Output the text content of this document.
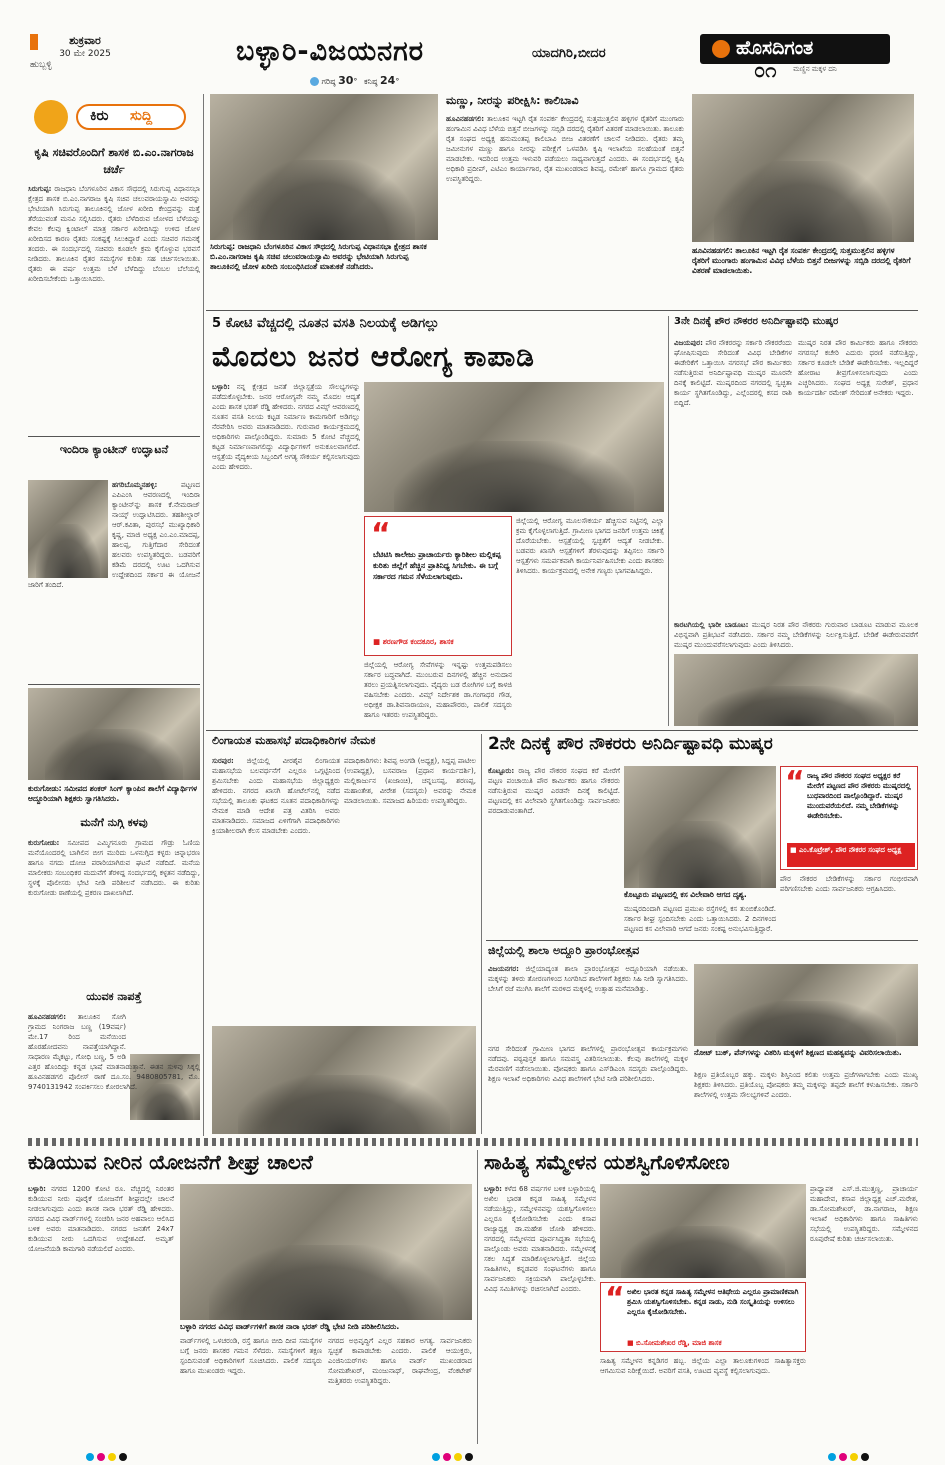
ಶುಕ್ರವಾರ
30 ಮೇ 2025
ಹುಬ್ಬಳ್ಳಿ	ಬಳ್ಳಾರಿ-ವಿಜಯನಗರ	ಯಾದಗಿರಿ,ಬೀದರ
ಗರಿಷ್ಠ 30° ಕನಿಷ್ಠ 24°
ಹೊಸದಿಗಂತ
ಮಣ್ಣಿನ ಮಕ್ಕಳ ದನಿ
೦೧
ಕಿರು ಸುದ್ದಿ
ಕೃಷಿ ಸಚಿವರೊಂದಿಗೆ ಶಾಸಕ ಬಿ.ಎಂ.ನಾಗರಾಜ ಚರ್ಚೆ
ಸಿರುಗುಪ್ಪ: ರಾಜಧಾನಿ ಬೆಂಗಳೂರಿನ ವಿಕಾಸ ಸೌಧದಲ್ಲಿ ಸಿರುಗುಪ್ಪ ವಿಧಾನಸಭಾ ಕ್ಷೇತ್ರದ ಶಾಸಕ ಬಿ.ಎಂ.ನಾಗರಾಜ ಕೃಷಿ ಸಚಿವ ಚಲುವರಾಯಸ್ವಾಮಿ ಅವರನ್ನು ಭೇಟಿಯಾಗಿ ಸಿರುಗುಪ್ಪ ತಾಲೂಕಿನಲ್ಲಿ ಜೋಳ ಖರೀದಿ ಕೇಂದ್ರವನ್ನು ಮತ್ತೆ ತೆರೆಯುವಂತೆ ಮನವಿ ಸಲ್ಲಿಸಿದರು. ರೈತರು ಬೆಳೆದಿರುವ ಜೋಳದ ಬೆಳೆಯನ್ನು ಕೇವಲ ಕೆಲವು ಕ್ವಿಂಟಾಲ್ ಮಾತ್ರ ಸರ್ಕಾರ ಖರೀದಿಸಿದ್ದು ಉಳಿದ ಜೋಳ ಖರೀದಿಸದ ಕಾರಣ ರೈತರು ಸಂಕಷ್ಟಕ್ಕೆ ಸಿಲುಕಿದ್ದಾರೆ ಎಂದು ಸಚಿವರ ಗಮನಕ್ಕೆ ತಂದರು. ಈ ಸಂದರ್ಭದಲ್ಲಿ ಸಚಿವರು ಕೂಡಲೇ ಕ್ರಮ ಕೈಗೊಳ್ಳುವ ಭರವಸೆ ನೀಡಿದರು. ತಾಲೂಕಿನ ರೈತರ ಸಮಸ್ಯೆಗಳ ಕುರಿತು ಸಹ ಚರ್ಚಿಸಲಾಯಿತು. ರೈತರು ಈ ವರ್ಷ ಉತ್ತಮ ಬೆಳೆ ಬೆಳೆದಿದ್ದು ಬೆಂಬಲ ಬೆಲೆಯಲ್ಲಿ ಖರೀದಿಸಬೇಕೆಂದು ಒತ್ತಾಯಿಸಿದರು.
ಇಂದಿರಾ ಕ್ಯಾಂಟೀನ್ ಉದ್ಘಾಟನೆ
ಹಗರಿಬೊಮ್ಮನಹಳ್ಳಿ:	ಪಟ್ಟಣದ ಎಪಿಎಂಸಿ ಆವರಣದಲ್ಲಿ ಇಂದಿರಾ ಕ್ಯಾಂಟೀನ್‌ನ್ನು ಶಾಸಕ ಕೆ.ನೇಮರಾಜ್ ನಾಯ್ಕ್ ಉದ್ಘಾಟಿಸಿದರು. ತಹಶೀಲ್ದಾರ್ ಆರ್.ಕವಿತಾ, ಪುರಸಭೆ ಮುಖ್ಯಾಧಿಕಾರಿ ಕೃಷ್ಣ, ಮಾಜಿ ಅಧ್ಯಕ್ಷ ಎಂ.ಎಂ.ಮಾದಪ್ಪ, ಹಾಲಪ್ಪ, ಗುತ್ತಿಗೆದಾರ ಸೇರಿದಂತೆ ಹಲವರು ಉಪಸ್ಥಿತರಿದ್ದರು. ಬಡವರಿಗೆ ಕಡಿಮೆ ದರದಲ್ಲಿ ಊಟ ಒದಗಿಸುವ ಉದ್ದೇಶದಿಂದ ಸರ್ಕಾರ ಈ ಯೋಜನೆ ಜಾರಿಗೆ ತಂದಿದೆ.
ಕುರುಗೋಡು: ಸಮೀಪದ ಶಂಕರ್ ಸಿಂಗ್ ಕ್ಯಾಂಪಿನ ಶಾಲೆಗೆ ವಿದ್ಯಾರ್ಥಿಗಳ ಆದ್ದೂರಿಯಾಗಿ ಶಿಕ್ಷಕರು ಸ್ವಾಗತಿಸಿದರು.
ಮನೆಗೆ ನುಗ್ಗಿ ಕಳವು
ಕುರುಗೋಡು: ಸಮೀಪದ ಎಮ್ಮಿಗನೂರು ಗ್ರಾಮದ ಗೌಡ್ರು ಓಣಿಯ ಮನೆಯೊಂದರಲ್ಲಿ ಬಾಗಿಲಿನ ಬೀಗ ಮುರಿದು ಒಳನುಗ್ಗಿದ ಕಳ್ಳರು ಚಿನ್ನಾಭರಣ ಹಾಗೂ ನಗದು ದೋಚಿ ಪರಾರಿಯಾಗಿರುವ ಘಟನೆ ನಡೆದಿದೆ. ಮನೆಯ ಮಾಲೀಕರು ಸಂಬಂಧಿಕರ ಮದುವೆಗೆ ತೆರಳಿದ್ದ ಸಂದರ್ಭದಲ್ಲಿ ಕಳ್ಳತನ ನಡೆದಿದ್ದು, ಸ್ಥಳಕ್ಕೆ ಪೊಲೀಸರು ಭೇಟಿ ನೀಡಿ ಪರಿಶೀಲನೆ ನಡೆಸಿದರು. ಈ ಕುರಿತು ಕುರುಗೋಡು ಠಾಣೆಯಲ್ಲಿ ಪ್ರಕರಣ ದಾಖಲಾಗಿದೆ.
ಯುವಕ ನಾಪತ್ತೆ
ಹೂವಿನಹಡಗಲಿ: ತಾಲೂಕಿನ ಸೋಗಿ ಗ್ರಾಮದ ನಿಂಗರಾಜ ಬಣ್ಣ (19ವರ್ಷ) ಮೇ.17 ರಿಂದ ಮನೆಯಿಂದ ಹೊರಹೋದವನು ನಾಪತ್ತೆಯಾಗಿದ್ದಾನೆ. ಸಾಧಾರಣ ಮೈಕಟ್ಟು, ಗೋಧಿ ಬಣ್ಣ, 5 ಅಡಿ ಎತ್ತರ ಹೊಂದಿದ್ದು ಕನ್ನಡ ಭಾಷೆ ಮಾತನಾಡುತ್ತಾನೆ. ಈತನ ಸುಳಿವು ಸಿಕ್ಕಲ್ಲಿ ಹೂವಿನಹಡಗಲಿ ಪೊಲೀಸ್ ಠಾಣೆ ದೂ.ಸಂ. 9480805781, ಮೊ. 9740131942 ಸಂಪರ್ಕಿಸಲು ಕೋರಲಾಗಿದೆ.
ಸಿರುಗುಪ್ಪ: ರಾಜಧಾನಿ ಬೆಂಗಳೂರಿನ ವಿಕಾಸ ಸೌಧದಲ್ಲಿ ಸಿರುಗುಪ್ಪ ವಿಧಾನಸಭಾ ಕ್ಷೇತ್ರದ ಶಾಸಕ ಬಿ.ಎಂ.ನಾಗರಾಜ ಕೃಷಿ ಸಚಿವ ಚಲುವರಾಯಸ್ವಾಮಿ ಅವರನ್ನು ಭೇಟಿಯಾಗಿ ಸಿರುಗುಪ್ಪ ತಾಲೂಕಿನಲ್ಲಿ ಜೋಳ ಖರೀದಿ ಸಂಬಂಧಿಸಿದಂತೆ ಮಾತುಕತೆ ನಡೆಸಿದರು.
ಮಣ್ಣು, ನೀರನ್ನು ಪರೀಕ್ಷಿಸಿ: ಕಾಲಿಬಾವಿ
ಹೂವಿನಹಡಗಲಿ: ತಾಲೂಕಿನ ಇಟ್ಟಗಿ ರೈತ ಸಂಪರ್ಕ ಕೇಂದ್ರದಲ್ಲಿ ಸುತ್ತಮುತ್ತಲಿನ ಹಳ್ಳಿಗಳ ರೈತರಿಗೆ ಮುಂಗಾರು ಹಂಗಾಮಿನ ವಿವಿಧ ಬೆಳೆಯ ಬಿತ್ತನೆ ಬೀಜಗಳನ್ನು ಸಬ್ಸಿಡಿ ದರದಲ್ಲಿ ರೈತರಿಗೆ ವಿತರಣೆ ಮಾಡಲಾಯಿತು. ತಾಲೂಕು ರೈತ ಸಂಘದ ಅಧ್ಯಕ್ಷ ಹನುಮಂತಪ್ಪ ಕಾಲಿಬಾವಿ ಬೀಜ ವಿತರಣೆಗೆ ಚಾಲನೆ ನೀಡಿದರು. ರೈತರು ತಮ್ಮ ಜಮೀನುಗಳ ಮಣ್ಣು ಹಾಗೂ ನೀರನ್ನು ಪರೀಕ್ಷೆಗೆ ಒಳಪಡಿಸಿ ಕೃಷಿ ಇಲಾಖೆಯ ಸಲಹೆಯಂತೆ ಬಿತ್ತನೆ ಮಾಡಬೇಕು. ಇದರಿಂದ ಉತ್ತಮ ಇಳುವರಿ ಪಡೆಯಲು ಸಾಧ್ಯವಾಗುತ್ತದೆ ಎಂದರು. ಈ ಸಂದರ್ಭದಲ್ಲಿ ಕೃಷಿ ಅಧಿಕಾರಿ ಪ್ರದೀಪ್, ಎಟಿಎಂ ಕಾರ್ಯಾಗಾರ, ರೈತ ಮುಖಂಡರಾದ ಶಿವಪ್ಪ, ರಮೇಶ್ ಹಾಗೂ ಗ್ರಾಮದ ರೈತರು ಉಪಸ್ಥಿತರಿದ್ದರು.
ಹೂವಿನಹಡಗಲಿ: ತಾಲೂಕಿನ ಇಟ್ಟಗಿ ರೈತ ಸಂಪರ್ಕ ಕೇಂದ್ರದಲ್ಲಿ ಸುತ್ತಮುತ್ತಲಿನ ಹಳ್ಳಿಗಳ ರೈತರಿಗೆ ಮುಂಗಾರು ಹಂಗಾಮಿನ ವಿವಿಧ ಬೆಳೆಯ ಬಿತ್ತನೆ ಬೀಜಗಳನ್ನು ಸಬ್ಸಿಡಿ ದರದಲ್ಲಿ ರೈತರಿಗೆ ವಿತರಣೆ ಮಾಡಲಾಯಿತು.
5 ಕೋಟಿ ವೆಚ್ಚದಲ್ಲಿ ನೂತನ ವಸತಿ ನಿಲಯಕ್ಕೆ ಅಡಿಗಲ್ಲು
ಮೊದಲು ಜನರ ಆರೋಗ್ಯ ಕಾಪಾಡಿ
ಬಳ್ಳಾರಿ: ನನ್ನ ಕ್ಷೇತ್ರದ ಜನತೆ ಜಿಲ್ಲಾಸ್ಪತ್ರೆಯ ಸೌಲಭ್ಯಗಳನ್ನು ಪಡೆದುಕೊಳ್ಳಬೇಕು. ಜನರ ಆರೋಗ್ಯವೇ ನಮ್ಮ ಮೊದಲ ಆದ್ಯತೆ ಎಂದು ಶಾಸಕ ಭರತ್ ರೆಡ್ಡಿ ಹೇಳಿದರು. ನಗರದ ವಿಮ್ಸ್ ಆವರಣದಲ್ಲಿ ನೂತನ ವಸತಿ ನಿಲಯ ಕಟ್ಟಡ ನಿರ್ಮಾಣ ಕಾಮಗಾರಿಗೆ ಅಡಿಗಲ್ಲು ನೆರವೇರಿಸಿ ಅವರು ಮಾತನಾಡಿದರು. ಗುರುವಾರ ಕಾರ್ಯಕ್ರಮದಲ್ಲಿ ಅಧಿಕಾರಿಗಳು ಪಾಲ್ಗೊಂಡಿದ್ದರು. ಸುಮಾರು 5 ಕೋಟಿ ವೆಚ್ಚದಲ್ಲಿ ಕಟ್ಟಡ ನಿರ್ಮಾಣವಾಗಲಿದ್ದು ವಿದ್ಯಾರ್ಥಿಗಳಿಗೆ ಅನುಕೂಲವಾಗಲಿದೆ. ಆಸ್ಪತ್ರೆಯ ವೈದ್ಯಕೀಯ ಸಿಬ್ಬಂದಿಗೆ ಅಗತ್ಯ ಸೌಕರ್ಯ ಕಲ್ಪಿಸಲಾಗುವುದು ಎಂದು ಹೇಳಿದರು.
“
ಬೆಟಿಟಿಸಿ ಕಾಲೇಜು ಪ್ರಾಚಾರ್ಯರು ಕ್ಯಾರಿಶೀಲ ಮಲ್ಲಿಕಪ್ಪ ಕುರಿತು ಜಿಲ್ಲೆಗೆ ಹೆಚ್ಚಿನ ಪ್ರಾತಿನಿಧ್ಯ ಸಿಗಬೇಕು. ಈ ಬಗ್ಗೆ ಸರ್ಕಾರದ ಗಮನ ಸೆಳೆಯಲಾಗುವುದು.
■ ಶರಣಗೌಡ ಕಂದಕೂರ, ಶಾಸಕ
ಜಿಲ್ಲೆಯಲ್ಲಿ ಆರೋಗ್ಯ ಸೇವೆಗಳನ್ನು ಇನ್ನಷ್ಟು ಉತ್ತಮಪಡಿಸಲು ಸರ್ಕಾರ ಬದ್ಧವಾಗಿದೆ. ಮುಂಬರುವ ದಿನಗಳಲ್ಲಿ ಹೆಚ್ಚಿನ ಅನುದಾನ ತರಲು ಪ್ರಯತ್ನಿಸಲಾಗುವುದು. ವೈದ್ಯರು ಬಡ ರೋಗಿಗಳ ಬಗ್ಗೆ ಕಾಳಜಿ ವಹಿಸಬೇಕು ಎಂದರು. ವಿಮ್ಸ್ ನಿರ್ದೇಶಕ ಡಾ.ಗಂಗಾಧರ ಗೌಡ, ಅಧೀಕ್ಷಕ ಡಾ.ಶಿವನಾರಾಯಣ, ಮಹಾಪೌರರು, ಪಾಲಿಕೆ ಸದಸ್ಯರು ಹಾಗೂ ಇತರರು ಉಪಸ್ಥಿತರಿದ್ದರು.
ಜಿಲ್ಲೆಯಲ್ಲಿ ಆರೋಗ್ಯ ಮೂಲಸೌಕರ್ಯ ಹೆಚ್ಚಿಸುವ ನಿಟ್ಟಿನಲ್ಲಿ ಎಲ್ಲಾ ಕ್ರಮ ಕೈಗೊಳ್ಳಲಾಗುತ್ತಿದೆ. ಗ್ರಾಮೀಣ ಭಾಗದ ಜನರಿಗೆ ಉತ್ತಮ ಚಿಕಿತ್ಸೆ ದೊರೆಯಬೇಕು. ಆಸ್ಪತ್ರೆಯಲ್ಲಿ ಸ್ವಚ್ಛತೆಗೆ ಆದ್ಯತೆ ನೀಡಬೇಕು. ಬಡವರು ಖಾಸಗಿ ಆಸ್ಪತ್ರೆಗಳಿಗೆ ತೆರಳುವುದನ್ನು ತಪ್ಪಿಸಲು ಸರ್ಕಾರಿ ಆಸ್ಪತ್ರೆಗಳು ಸಮರ್ಪಕವಾಗಿ ಕಾರ್ಯನಿರ್ವಹಿಸಬೇಕು ಎಂದು ಶಾಸಕರು ತಿಳಿಸಿದರು. ಕಾರ್ಯಕ್ರಮದಲ್ಲಿ ಅನೇಕ ಗಣ್ಯರು ಭಾಗವಹಿಸಿದ್ದರು.
3ನೇ ದಿನಕ್ಕೆ ಪೌರ ನೌಕರರ ಅನಿರ್ದಿಷ್ಟಾವಧಿ ಮುಷ್ಕರ
ವಿಜಯಪುರ: ಪೌರ ನೌಕರರನ್ನು ಸರ್ಕಾರಿ ನೌಕರರೆಂದು ಘೋಷಿಸುವುದು ಸೇರಿದಂತೆ ವಿವಿಧ ಬೇಡಿಕೆಗಳ ಈಡೇರಿಕೆಗೆ ಒತ್ತಾಯಿಸಿ ನಗರಸಭೆ ಪೌರ ಕಾರ್ಮಿಕರು ನಡೆಸುತ್ತಿರುವ ಅನಿರ್ದಿಷ್ಟಾವಧಿ ಮುಷ್ಕರ ಮೂರನೇ ದಿನಕ್ಕೆ ಕಾಲಿಟ್ಟಿದೆ. ಮುಷ್ಕರದಿಂದ ನಗರದಲ್ಲಿ ಸ್ವಚ್ಛತಾ ಕಾರ್ಯ ಸ್ಥಗಿತಗೊಂಡಿದ್ದು, ಎಲ್ಲೆಂದರಲ್ಲಿ ಕಸದ ರಾಶಿ ಬಿದ್ದಿದೆ.
ಮುಷ್ಕರ ನಿರತ ಪೌರ ಕಾರ್ಮಿಕರು ಹಾಗೂ ನೌಕರರು ನಗರಸಭೆ ಕಚೇರಿ ಎದುರು ಧರಣಿ ನಡೆಸುತ್ತಿದ್ದು, ಸರ್ಕಾರ ಕೂಡಲೇ ಬೇಡಿಕೆ ಈಡೇರಿಸಬೇಕು. ಇಲ್ಲದಿದ್ದರೆ ಹೋರಾಟ ತೀವ್ರಗೊಳಿಸಲಾಗುವುದು ಎಂದು ಎಚ್ಚರಿಸಿದರು. ಸಂಘದ ಅಧ್ಯಕ್ಷ ಸುರೇಶ್, ಪ್ರಧಾನ ಕಾರ್ಯದರ್ಶಿ ರಮೇಶ್ ಸೇರಿದಂತೆ ಅನೇಕರು ಇದ್ದರು.
ಕಾರಟಗಿಯಲ್ಲಿ ಭಾರೀ ಬಾಡೂಟ: ಮುಷ್ಕರ ನಿರತ ಪೌರ ನೌಕರರು ಗುರುವಾರ ಬಾಡೂಟ ಮಾಡುವ ಮೂಲಕ ವಿಭಿನ್ನವಾಗಿ ಪ್ರತಿಭಟನೆ ನಡೆಸಿದರು. ಸರ್ಕಾರ ನಮ್ಮ ಬೇಡಿಕೆಗಳನ್ನು ನಿರ್ಲಕ್ಷಿಸುತ್ತಿದೆ. ಬೇಡಿಕೆ ಈಡೇರುವವರೆಗೆ ಮುಷ್ಕರ ಮುಂದುವರೆಸಲಾಗುವುದು ಎಂದು ತಿಳಿಸಿದರು.
ಲಿಂಗಾಯತ ಮಹಾಸಭೆ ಪದಾಧಿಕಾರಿಗಳ ನೇಮಕ
ಸುರಪುರ: ಜಿಲ್ಲೆಯಲ್ಲಿ ವೀರಶೈವ ಲಿಂಗಾಯತ ಮಹಾಸಭೆಯ ಬಲವರ್ಧನೆಗೆ ಎಲ್ಲರೂ ಒಗ್ಗಟ್ಟಿನಿಂದ ಶ್ರಮಿಸಬೇಕು ಎಂದು ಮಹಾಸಭೆಯ ಜಿಲ್ಲಾಧ್ಯಕ್ಷರು ಹೇಳಿದರು. ನಗರದ ಖಾಸಗಿ ಹೋಟೆಲ್‌ನಲ್ಲಿ ನಡೆದ ಸಭೆಯಲ್ಲಿ ತಾಲೂಕು ಘಟಕದ ನೂತನ ಪದಾಧಿಕಾರಿಗಳನ್ನು ನೇಮಕ ಮಾಡಿ ಆದೇಶ ಪತ್ರ ವಿತರಿಸಿ ಅವರು ಮಾತನಾಡಿದರು. ಸಮಾಜದ ಏಳಿಗೆಗಾಗಿ ಪದಾಧಿಕಾರಿಗಳು ಕ್ರಿಯಾಶೀಲರಾಗಿ ಕೆಲಸ ಮಾಡಬೇಕು ಎಂದರು.
ಪದಾಧಿಕಾರಿಗಳು: ಶಿವಪ್ಪ ಅಂಗಡಿ (ಅಧ್ಯಕ್ಷ), ಸಿದ್ದಪ್ಪ ಪಾಟೀಲ (ಉಪಾಧ್ಯಕ್ಷ), ಬಸವರಾಜ (ಪ್ರಧಾನ ಕಾರ್ಯದರ್ಶಿ), ಮಲ್ಲಿಕಾರ್ಜುನ (ಖಜಾಂಚಿ), ಚನ್ನಬಸಪ್ಪ, ಶರಣಪ್ಪ, ಮಹಾಂತೇಶ, ವೀರೇಶ (ಸದಸ್ಯರು) ಅವರನ್ನು ನೇಮಕ ಮಾಡಲಾಯಿತು. ಸಮಾಜದ ಹಿರಿಯರು ಉಪಸ್ಥಿತರಿದ್ದರು.
2ನೇ ದಿನಕ್ಕೆ ಪೌರ ನೌಕರರು ಅನಿರ್ದಿಷ್ಟಾವಧಿ ಮುಷ್ಕರ
ಕೊಟ್ಟೂರು: ರಾಜ್ಯ ಪೌರ ನೌಕರರ ಸಂಘದ ಕರೆ ಮೇರೆಗೆ ಪಟ್ಟಣ ಪಂಚಾಯಿತಿ ಪೌರ ಕಾರ್ಮಿಕರು ಹಾಗೂ ನೌಕರರು ನಡೆಸುತ್ತಿರುವ ಮುಷ್ಕರ ಎರಡನೇ ದಿನಕ್ಕೆ ಕಾಲಿಟ್ಟಿದೆ. ಪಟ್ಟಣದಲ್ಲಿ ಕಸ ವಿಲೇವಾರಿ ಸ್ಥಗಿತಗೊಂಡಿದ್ದು ಸಾರ್ವಜನಿಕರು ಪರದಾಡುವಂತಾಗಿದೆ.
ಕೊಟ್ಟೂರು ಪಟ್ಟಣದಲ್ಲಿ ಕಸ ವಿಲೇವಾರಿ ಆಗದ ದೃಶ್ಯ.
ಮುಷ್ಕರದಿಂದಾಗಿ ಪಟ್ಟಣದ ಪ್ರಮುಖ ರಸ್ತೆಗಳಲ್ಲಿ ಕಸ ತುಂಬಿಕೊಂಡಿದೆ. ಸರ್ಕಾರ ಶೀಘ್ರ ಸ್ಪಂದಿಸಬೇಕು ಎಂದು ಒತ್ತಾಯಿಸಿದರು. 2 ದಿನಗಳಿಂದ ಪಟ್ಟಣದ ಕಸ ವಿಲೇವಾರಿ ಆಗದೆ ಜನರು ಸಂಕಷ್ಟ ಅನುಭವಿಸುತ್ತಿದ್ದಾರೆ.
“ ರಾಜ್ಯ ಪೌರ ನೌಕರರ ಸಂಘದ ಅಧ್ಯಕ್ಷರ ಕರೆ ಮೇರೆಗೆ ಪಟ್ಟಣದ ಪೌರ ನೌಕರರು ಮುಷ್ಕರದಲ್ಲಿ ಬುಧವಾರದಿಂದ ಪಾಲ್ಗೊಂಡಿದ್ದಾರೆ. ಮುಷ್ಕರ ಮುಂದುವರೆಯಲಿದೆ. ನಮ್ಮ ಬೇಡಿಕೆಗಳನ್ನು ಈಡೇರಿಸಬೇಕು.
■ ಎಂ.ಕೊಟ್ರೇಶ್, ಪೌರ ನೌಕರರ ಸಂಘದ ಅಧ್ಯಕ್ಷ
ಪೌರ ನೌಕರರ ಬೇಡಿಕೆಗಳನ್ನು ಸರ್ಕಾರ ಗಂಭೀರವಾಗಿ ಪರಿಗಣಿಸಬೇಕು ಎಂದು ಸಾರ್ವಜನಿಕರು ಆಗ್ರಹಿಸಿದರು.
ಜಿಲ್ಲೆಯಲ್ಲಿ ಶಾಲಾ ಅದ್ದೂರಿ ಪ್ರಾರಂಭೋತ್ಸವ
ವಿಜಯನಗರ: ಜಿಲ್ಲೆಯಾದ್ಯಂತ ಶಾಲಾ ಪ್ರಾರಂಭೋತ್ಸವ ಅದ್ದೂರಿಯಾಗಿ ನಡೆಯಿತು. ಮಕ್ಕಳನ್ನು ತಳಿರು ತೋರಣಗಳಿಂದ ಸಿಂಗರಿಸಿದ ಶಾಲೆಗಳಿಗೆ ಶಿಕ್ಷಕರು ಸಿಹಿ ನೀಡಿ ಸ್ವಾಗತಿಸಿದರು. ಬೇಸಿಗೆ ರಜೆ ಮುಗಿಸಿ ಶಾಲೆಗೆ ಮರಳಿದ ಮಕ್ಕಳಲ್ಲಿ ಉತ್ಸಾಹ ಮನೆಮಾಡಿತ್ತು.
ನಗರ ಸೇರಿದಂತೆ ಗ್ರಾಮೀಣ ಭಾಗದ ಶಾಲೆಗಳಲ್ಲಿ ಪ್ರಾರಂಭೋತ್ಸವ ಕಾರ್ಯಕ್ರಮಗಳು ನಡೆದವು. ಪಠ್ಯಪುಸ್ತಕ ಹಾಗೂ ಸಮವಸ್ತ್ರ ವಿತರಿಸಲಾಯಿತು. ಕೆಲವು ಶಾಲೆಗಳಲ್ಲಿ ಮಕ್ಕಳ ಮೆರವಣಿಗೆ ನಡೆಸಲಾಯಿತು. ಪೋಷಕರು ಹಾಗೂ ಎಸ್‌ಡಿಎಂಸಿ ಸದಸ್ಯರು ಪಾಲ್ಗೊಂಡಿದ್ದರು. ಶಿಕ್ಷಣ ಇಲಾಖೆ ಅಧಿಕಾರಿಗಳು ವಿವಿಧ ಶಾಲೆಗಳಿಗೆ ಭೇಟಿ ನೀಡಿ ಪರಿಶೀಲಿಸಿದರು.
ನೋಟ್ ಬುಕ್, ಪೆನ್‌ಗಳನ್ನು ವಿತರಿಸಿ ಮಕ್ಕಳಿಗೆ ಶಿಕ್ಷಣದ ಮಹತ್ವವನ್ನು ವಿವರಿಸಲಾಯಿತು.
ಶಿಕ್ಷಣ ಪ್ರತಿಯೊಬ್ಬರ ಹಕ್ಕು. ಮಕ್ಕಳು ಶಿಸ್ತಿನಿಂದ ಕಲಿತು ಉತ್ತಮ ಪ್ರಜೆಗಳಾಗಬೇಕು ಎಂದು ಮುಖ್ಯ ಶಿಕ್ಷಕರು ತಿಳಿಸಿದರು. ಪ್ರತಿಯೊಬ್ಬ ಪೋಷಕರು ತಮ್ಮ ಮಕ್ಕಳನ್ನು ತಪ್ಪದೇ ಶಾಲೆಗೆ ಕಳುಹಿಸಬೇಕು. ಸರ್ಕಾರಿ ಶಾಲೆಗಳಲ್ಲಿ ಉತ್ತಮ ಸೌಲಭ್ಯಗಳಿವೆ ಎಂದರು.
ಕುಡಿಯುವ ನೀರಿನ ಯೋಜನೆಗೆ ಶೀಘ್ರ ಚಾಲನೆ
ಬಳ್ಳಾರಿ: ನಗರದ 1200 ಕೋಟಿ ರೂ. ವೆಚ್ಚದಲ್ಲಿ ನಿರಂತರ ಕುಡಿಯುವ ನೀರು ಪೂರೈಕೆ ಯೋಜನೆಗೆ ಶೀಘ್ರದಲ್ಲೇ ಚಾಲನೆ ನೀಡಲಾಗುವುದು ಎಂದು ಶಾಸಕ ನಾರಾ ಭರತ್ ರೆಡ್ಡಿ ಹೇಳಿದರು. ನಗರದ ವಿವಿಧ ವಾರ್ಡ್‌ಗಳಲ್ಲಿ ಸಂಚರಿಸಿ ಜನರ ಅಹವಾಲು ಆಲಿಸಿದ ಬಳಿಕ ಅವರು ಮಾತನಾಡಿದರು. ನಗರದ ಜನತೆಗೆ 24x7 ಕುಡಿಯುವ ನೀರು ಒದಗಿಸುವ ಉದ್ದೇಶವಿದೆ. ಅಮೃತ್ ಯೋಜನೆಯಡಿ ಕಾಮಗಾರಿ ನಡೆಯಲಿದೆ ಎಂದರು.
ಬಳ್ಳಾರಿ ನಗರದ ವಿವಿಧ ವಾರ್ಡ್‌ಗಳಿಗೆ ಶಾಸಕ ನಾರಾ ಭರತ್ ರೆಡ್ಡಿ ಭೇಟಿ ನೀಡಿ ಪರಿಶೀಲಿಸಿದರು.
ವಾರ್ಡ್‌ಗಳಲ್ಲಿ ಒಳಚರಂಡಿ, ರಸ್ತೆ ಹಾಗೂ ಬೀದಿ ದೀಪ ಸಮಸ್ಯೆಗಳ ಬಗ್ಗೆ ಜನರು ಶಾಸಕರ ಗಮನ ಸೆಳೆದರು. ಸಮಸ್ಯೆಗಳಿಗೆ ತಕ್ಷಣ ಸ್ಪಂದಿಸುವಂತೆ ಅಧಿಕಾರಿಗಳಿಗೆ ಸೂಚಿಸಿದರು. ಪಾಲಿಕೆ ಸದಸ್ಯರು ಹಾಗೂ ಮುಖಂಡರು ಇದ್ದರು.
ನಗರದ ಅಭಿವೃದ್ಧಿಗೆ ಎಲ್ಲರ ಸಹಕಾರ ಅಗತ್ಯ. ಸಾರ್ವಜನಿಕರು ಸ್ವಚ್ಛತೆ ಕಾಪಾಡಬೇಕು ಎಂದರು. ಪಾಲಿಕೆ ಆಯುಕ್ತರು, ಎಂಜಿನಿಯರ್‌ಗಳು ಹಾಗೂ ವಾರ್ಡ್ ಮುಖಂಡರಾದ ಸೋಮಶೇಖರ್, ಮಂಜುನಾಥ್, ರಾಘವೇಂದ್ರ, ವೆಂಕಟೇಶ್ ಮತ್ತಿತರರು ಉಪಸ್ಥಿತರಿದ್ದರು.
ಸಾಹಿತ್ಯ ಸಮ್ಮೇಳನ ಯಶಸ್ವಿಗೊಳಿಸೋಣ
ಬಳ್ಳಾರಿ: ಕಳೆದ 68 ವರ್ಷಗಳ ಬಳಿಕ ಬಳ್ಳಾರಿಯಲ್ಲಿ ಅಖಿಲ ಭಾರತ ಕನ್ನಡ ಸಾಹಿತ್ಯ ಸಮ್ಮೇಳನ ನಡೆಯುತ್ತಿದ್ದು, ಸಮ್ಮೇಳನವನ್ನು ಯಶಸ್ವಿಗೊಳಿಸಲು ಎಲ್ಲರೂ ಕೈಜೋಡಿಸಬೇಕು ಎಂದು ಕಸಾಪ ರಾಜ್ಯಾಧ್ಯಕ್ಷ ಡಾ.ಮಹೇಶ ಜೋಶಿ ಹೇಳಿದರು. ನಗರದಲ್ಲಿ ಸಮ್ಮೇಳನದ ಪೂರ್ವಸಿದ್ಧತಾ ಸಭೆಯಲ್ಲಿ ಪಾಲ್ಗೊಂಡು ಅವರು ಮಾತನಾಡಿದರು. ಸಮ್ಮೇಳನಕ್ಕೆ ಸಕಲ ಸಿದ್ಧತೆ ಮಾಡಿಕೊಳ್ಳಲಾಗುತ್ತಿದೆ. ಜಿಲ್ಲೆಯ ಸಾಹಿತಿಗಳು, ಕನ್ನಡಪರ ಸಂಘಟನೆಗಳು ಹಾಗೂ ಸಾರ್ವಜನಿಕರು ಸಕ್ರಿಯವಾಗಿ ಪಾಲ್ಗೊಳ್ಳಬೇಕು. ವಿವಿಧ ಸಮಿತಿಗಳನ್ನು ರಚಿಸಲಾಗಿದೆ ಎಂದರು. “ ಅಖಿಲ ಭಾರತ ಕನ್ನಡ ಸಾಹಿತ್ಯ ಸಮ್ಮೇಳನ ಆತಿಥೇಯ ಎಲ್ಲರೂ ಪ್ರಾಮಾಣಿಕವಾಗಿ ಶ್ರಮಿಸಿ ಯಶಸ್ವಿಗೊಳಿಸಬೇಕು. ಕನ್ನಡ ನಾಡು, ನುಡಿ ಸಂಸ್ಕೃತಿಯನ್ನು ಉಳಿಸಲು ಎಲ್ಲರೂ ಕೈಜೋಡಿಸಬೇಕು.
■ ಬಿ.ಸೋಮಶೇಖರ ರೆಡ್ಡಿ, ಮಾಜಿ ಶಾಸಕ
ಸಾಹಿತ್ಯ ಸಮ್ಮೇಳನ ಕನ್ನಡಿಗರ ಹಬ್ಬ. ಜಿಲ್ಲೆಯ ಎಲ್ಲಾ ತಾಲೂಕುಗಳಿಂದ ಸಾಹಿತ್ಯಾಸಕ್ತರು ಆಗಮಿಸುವ ನಿರೀಕ್ಷೆಯಿದೆ. ಅವರಿಗೆ ವಸತಿ, ಊಟದ ವ್ಯವಸ್ಥೆ ಕಲ್ಪಿಸಲಾಗುವುದು.
ಪ್ರಾಧ್ಯಾಪಕ ಎಸ್.ಜಿ.ಮುತ್ತಣ್ಣ, ಪ್ರಾಚಾರ್ಯ ಮಹಾದೇವ, ಕಸಾಪ ಜಿಲ್ಲಾಧ್ಯಕ್ಷ ಎಚ್.ಮರೇಶ, ಡಾ.ಸೋಮಶೇಖರ್, ಡಾ.ನಾಗರಾಜ, ಶಿಕ್ಷಣ ಇಲಾಖೆ ಅಧಿಕಾರಿಗಳು ಹಾಗೂ ಸಾಹಿತಿಗಳು ಸಭೆಯಲ್ಲಿ ಉಪಸ್ಥಿತರಿದ್ದರು. ಸಮ್ಮೇಳನದ ರೂಪುರೇಷೆ ಕುರಿತು ಚರ್ಚಿಸಲಾಯಿತು.
